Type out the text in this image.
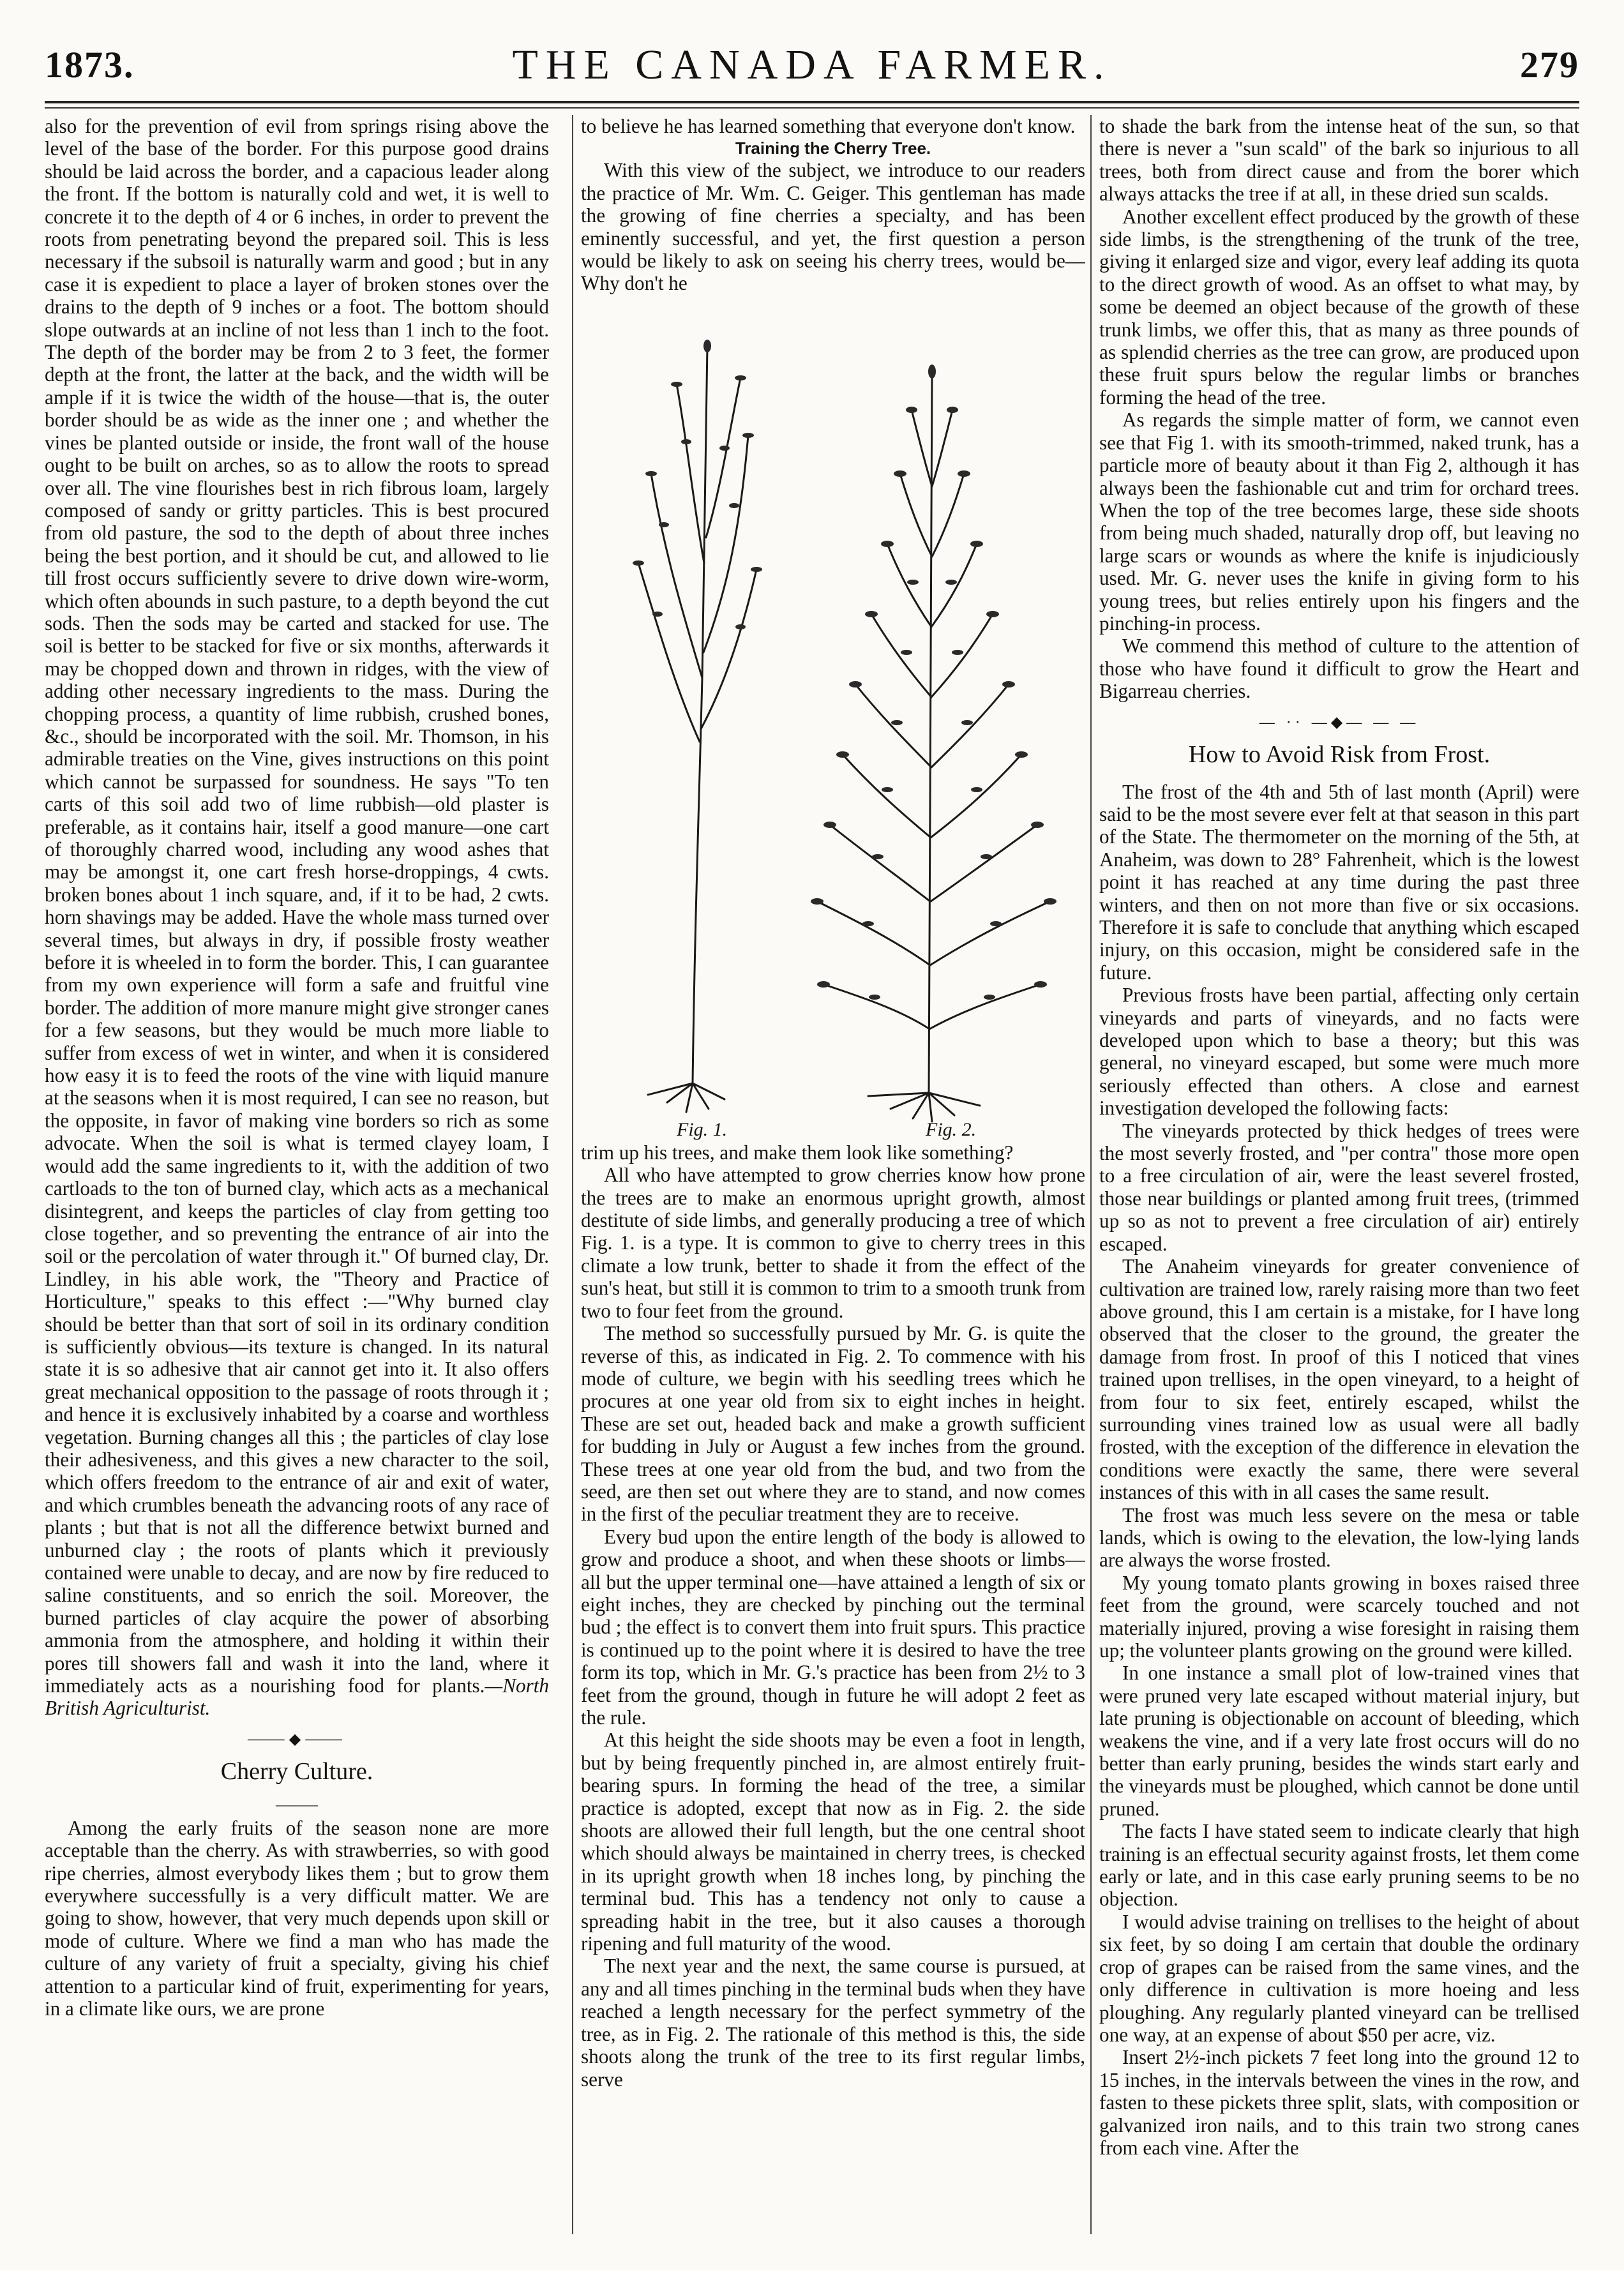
1873.	THE CANADA FARMER.	279

also for the prevention of evil from springs rising above the level of the base of the border. For this purpose good drains should be laid across the border, and a capacious leader along the front. If the bottom is naturally cold and wet, it is well to concrete it to the depth of 4 or 6 inches, in order to prevent the roots from penetrating beyond the prepared soil. This is less necessary if the subsoil is naturally warm and good ; but in any case it is expedient to place a layer of broken stones over the drains to the depth of 9 inches or a foot. The bottom should slope outwards at an incline of not less than 1 inch to the foot. The depth of the border may be from 2 to 3 feet, the former depth at the front, the latter at the back, and the width will be ample if it is twice the width of the house—that is, the outer border should be as wide as the inner one ; and whether the vines be planted outside or inside, the front wall of the house ought to be built on arches, so as to allow the roots to spread over all. The vine flourishes best in rich fibrous loam, largely composed of sandy or gritty particles. This is best procured from old pasture, the sod to the depth of about three inches being the best portion, and it should be cut, and allowed to lie till frost occurs sufficiently severe to drive down wire-worm, which often abounds in such pasture, to a depth beyond the cut sods. Then the sods may be carted and stacked for use. The soil is better to be stacked for five or six months, afterwards it may be chopped down and thrown in ridges, with the view of adding other necessary ingredients to the mass. During the chopping process, a quantity of lime rubbish, crushed bones, &c., should be incorporated with the soil. Mr. Thomson, in his admirable treaties on the Vine, gives instructions on this point which cannot be surpassed for soundness. He says "To ten carts of this soil add two of lime rubbish—old plaster is preferable, as it contains hair, itself a good manure—one cart of thoroughly charred wood, including any wood ashes that may be amongst it, one cart fresh horse-droppings, 4 cwts. broken bones about 1 inch square, and, if it to be had, 2 cwts. horn shavings may be added. Have the whole mass turned over several times, but always in dry, if possible frosty weather before it is wheeled in to form the border. This, I can guarantee from my own experience will form a safe and fruitful vine border. The addition of more manure might give stronger canes for a few seasons, but they would be much more liable to suffer from excess of wet in winter, and when it is considered how easy it is to feed the roots of the vine with liquid manure at the seasons when it is most required, I can see no reason, but the opposite, in favor of making vine borders so rich as some advocate. When the soil is what is termed clayey loam, I would add the same ingredients to it, with the addition of two cartloads to the ton of burned clay, which acts as a mechanical disintegrent, and keeps the particles of clay from getting too close together, and so preventing the entrance of air into the soil or the percolation of water through it." Of burned clay, Dr. Lindley, in his able work, the "Theory and Practice of Horticulture," speaks to this effect :—"Why burned clay should be better than that sort of soil in its ordinary condition is sufficiently obvious—its texture is changed. In its natural state it is so adhesive that air cannot get into it. It also offers great mechanical opposition to the passage of roots through it ; and hence it is exclusively inhabited by a coarse and worthless vegetation. Burning changes all this ; the particles of clay lose their adhesiveness, and this gives a new character to the soil, which offers freedom to the entrance of air and exit of water, and which crumbles beneath the advancing roots of any race of plants ; but that is not all the difference betwixt burned and unburned clay ; the roots of plants which it previously contained were unable to decay, and are now by fire reduced to saline constituents, and so enrich the soil. Moreover, the burned particles of clay acquire the power of absorbing ammonia from the atmosphere, and holding it within their pores till showers fall and wash it into the land, where it immediately acts as a nourishing food for plants.—North British Agriculturist.

⸻◆⸻
Cherry Culture.
———

Among the early fruits of the season none are more acceptable than the cherry. As with strawberries, so with good ripe cherries, almost everybody likes them ; but to grow them everywhere successfully is a very difficult matter. We are going to show, however, that very much depends upon skill or mode of culture. Where we find a man who has made the culture of any variety of fruit a specialty, giving his chief attention to a particular kind of fruit, experimenting for years, in a climate like ours, we are prone

to believe he has learned something that everyone don't know.

Training the Cherry Tree.

With this view of the subject, we introduce to our readers the practice of Mr. Wm. C. Geiger. This gentleman has made the growing of fine cherries a specialty, and has been eminently successful, and yet, the first question a person would be likely to ask on seeing his cherry trees, would be—Why don't he

Fig. 1.	Fig. 2.

trim up his trees, and make them look like something?

All who have attempted to grow cherries know how prone the trees are to make an enormous upright growth, almost destitute of side limbs, and generally producing a tree of which Fig. 1. is a type. It is common to give to cherry trees in this climate a low trunk, better to shade it from the effect of the sun's heat, but still it is common to trim to a smooth trunk from two to four feet from the ground.

The method so successfully pursued by Mr. G. is quite the reverse of this, as indicated in Fig. 2. To commence with his mode of culture, we begin with his seedling trees which he procures at one year old from six to eight inches in height. These are set out, headed back and make a growth sufficient for budding in July or August a few inches from the ground. These trees at one year old from the bud, and two from the seed, are then set out where they are to stand, and now comes in the first of the peculiar treatment they are to receive.

Every bud upon the entire length of the body is allowed to grow and produce a shoot, and when these shoots or limbs—all but the upper terminal one—have attained a length of six or eight inches, they are checked by pinching out the terminal bud ; the effect is to convert them into fruit spurs. This practice is continued up to the point where it is desired to have the tree form its top, which in Mr. G.'s practice has been from 2½ to 3 feet from the ground, though in future he will adopt 2 feet as the rule.

At this height the side shoots may be even a foot in length, but by being frequently pinched in, are almost entirely fruit-bearing spurs. In forming the head of the tree, a similar practice is adopted, except that now as in Fig. 2. the side shoots are allowed their full length, but the one central shoot which should always be maintained in cherry trees, is checked in its upright growth when 18 inches long, by pinching the terminal bud. This has a tendency not only to cause a spreading habit in the tree, but it also causes a thorough ripening and full maturity of the wood.

The next year and the next, the same course is pursued, at any and all times pinching in the terminal buds when they have reached a length necessary for the perfect symmetry of the tree, as in Fig. 2. The rationale of this method is this, the side shoots along the trunk of the tree to its first regular limbs, serve

to shade the bark from the intense heat of the sun, so that there is never a "sun scald" of the bark so injurious to all trees, both from direct cause and from the borer which always attacks the tree if at all, in these dried sun scalds.

Another excellent effect produced by the growth of these side limbs, is the strengthening of the trunk of the tree, giving it enlarged size and vigor, every leaf adding its quota to the direct growth of wood. As an offset to what may, by some be deemed an object because of the growth of these trunk limbs, we offer this, that as many as three pounds of as splendid cherries as the tree can grow, are produced upon these fruit spurs below the regular limbs or branches forming the head of the tree.

As regards the simple matter of form, we cannot even see that Fig 1. with its smooth-trimmed, naked trunk, has a particle more of beauty about it than Fig 2, although it has always been the fashionable cut and trim for orchard trees. When the top of the tree becomes large, these side shoots from being much shaded, naturally drop off, but leaving no large scars or wounds as where the knife is injudiciously used. Mr. G. never uses the knife in giving form to his young trees, but relies entirely upon his fingers and the pinching-in process.

We commend this method of culture to the attention of those who have found it difficult to grow the Heart and Bigarreau cherries.

— ·· —◆— — —
How to Avoid Risk from Frost.

The frost of the 4th and 5th of last month (April) were said to be the most severe ever felt at that season in this part of the State. The thermometer on the morning of the 5th, at Anaheim, was down to 28° Fahrenheit, which is the lowest point it has reached at any time during the past three winters, and then on not more than five or six occasions. Therefore it is safe to conclude that anything which escaped injury, on this occasion, might be considered safe in the future.

Previous frosts have been partial, affecting only certain vineyards and parts of vineyards, and no facts were developed upon which to base a theory; but this was general, no vineyard escaped, but some were much more seriously effected than others. A close and earnest investigation developed the following facts:

The vineyards protected by thick hedges of trees were the most severly frosted, and "per contra" those more open to a free circulation of air, were the least severel frosted, those near buildings or planted among fruit trees, (trimmed up so as not to prevent a free circulation of air) entirely escaped.

The Anaheim vineyards for greater convenience of cultivation are trained low, rarely raising more than two feet above ground, this I am certain is a mistake, for I have long observed that the closer to the ground, the greater the damage from frost. In proof of this I noticed that vines trained upon trellises, in the open vineyard, to a height of from four to six feet, entirely escaped, whilst the surrounding vines trained low as usual were all badly frosted, with the exception of the difference in elevation the conditions were exactly the same, there were several instances of this with in all cases the same result.

The frost was much less severe on the mesa or table lands, which is owing to the elevation, the low-lying lands are always the worse frosted.

My young tomato plants growing in boxes raised three feet from the ground, were scarcely touched and not materially injured, proving a wise foresight in raising them up; the volunteer plants growing on the ground were killed.

In one instance a small plot of low-trained vines that were pruned very late escaped without material injury, but late pruning is objectionable on account of bleeding, which weakens the vine, and if a very late frost occurs will do no better than early pruning, besides the winds start early and the vineyards must be ploughed, which cannot be done until pruned.

The facts I have stated seem to indicate clearly that high training is an effectual security against frosts, let them come early or late, and in this case early pruning seems to be no objection.

I would advise training on trellises to the height of about six feet, by so doing I am certain that double the ordinary crop of grapes can be raised from the same vines, and the only difference in cultivation is more hoeing and less ploughing. Any regularly planted vineyard can be trellised one way, at an expense of about $50 per acre, viz.

Insert 2½-inch pickets 7 feet long into the ground 12 to 15 inches, in the intervals between the vines in the row, and fasten to these pickets three split, slats, with composition or galvanized iron nails, and to this train two strong canes from each vine. After the
